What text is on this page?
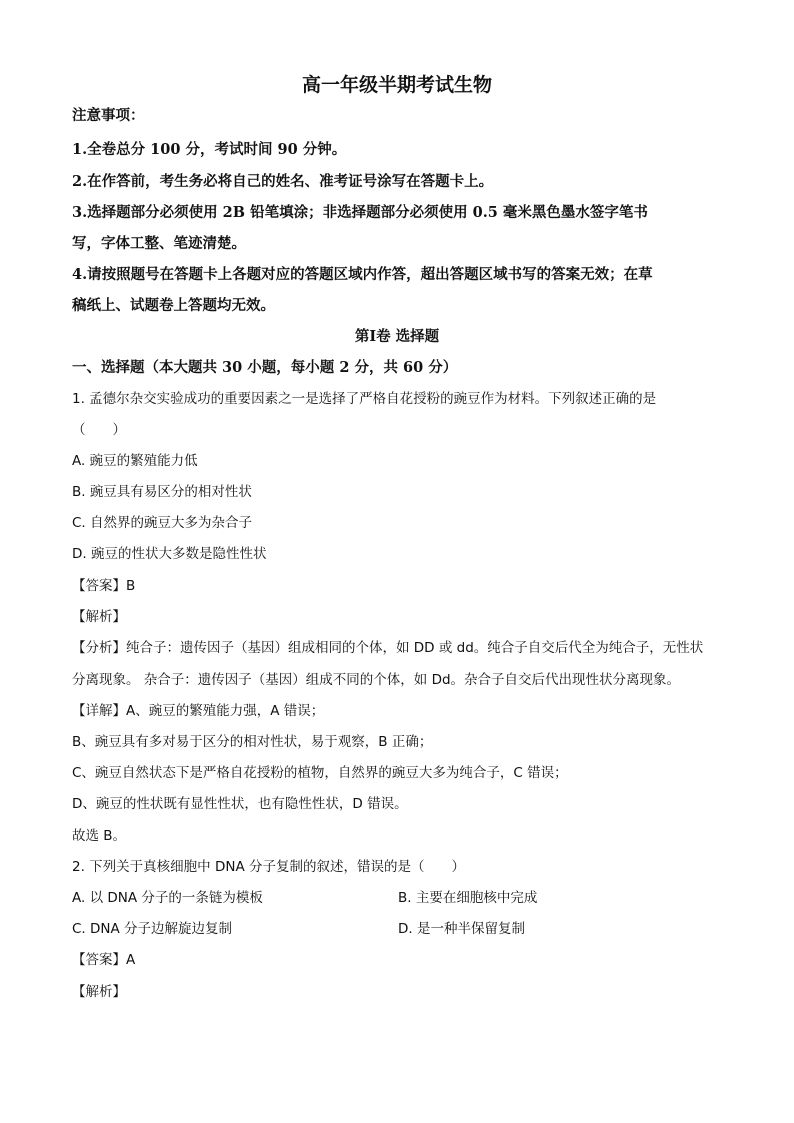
高一年级半期考试生物
注意事项：
1.全卷总分 100 分，考试时间 90 分钟。
2.在作答前，考生务必将自己的姓名、准考证号涂写在答题卡上。
3.选择题部分必须使用 2B 铅笔填涂；非选择题部分必须使用 0.5 毫米黑色墨水签字笔书
写，字体工整、笔迹清楚。
4.请按照题号在答题卡上各题对应的答题区域内作答，超出答题区域书写的答案无效；在草
稿纸上、试题卷上答题均无效。
第Ⅰ卷 选择题
一、选择题（本大题共 30 小题，每小题 2 分，共 60 分）
1. 孟德尔杂交实验成功的重要因素之一是选择了严格自花授粉的豌豆作为材料。下列叙述正确的是
（　　）
A. 豌豆的繁殖能力低
B. 豌豆具有易区分的相对性状
C. 自然界的豌豆大多为杂合子
D. 豌豆的性状大多数是隐性性状
【答案】B
【解析】
【分析】纯合子：遗传因子（基因）组成相同的个体，如 DD 或 dd。纯合子自交后代全为纯合子，无性状
分离现象。 杂合子：遗传因子（基因）组成不同的个体，如 Dd。杂合子自交后代出现性状分离现象。
【详解】A、豌豆的繁殖能力强，A 错误；
B、豌豆具有多对易于区分的相对性状，易于观察，B 正确；
C、豌豆自然状态下是严格自花授粉的植物，自然界的豌豆大多为纯合子，C 错误；
D、豌豆的性状既有显性性状，也有隐性性状，D 错误。
故选 B。
2. 下列关于真核细胞中 DNA 分子复制的叙述，错误的是（　　）
A. 以 DNA 分子的一条链为模板	B. 主要在细胞核中完成
C. DNA 分子边解旋边复制	D. 是一种半保留复制
【答案】A
【解析】
